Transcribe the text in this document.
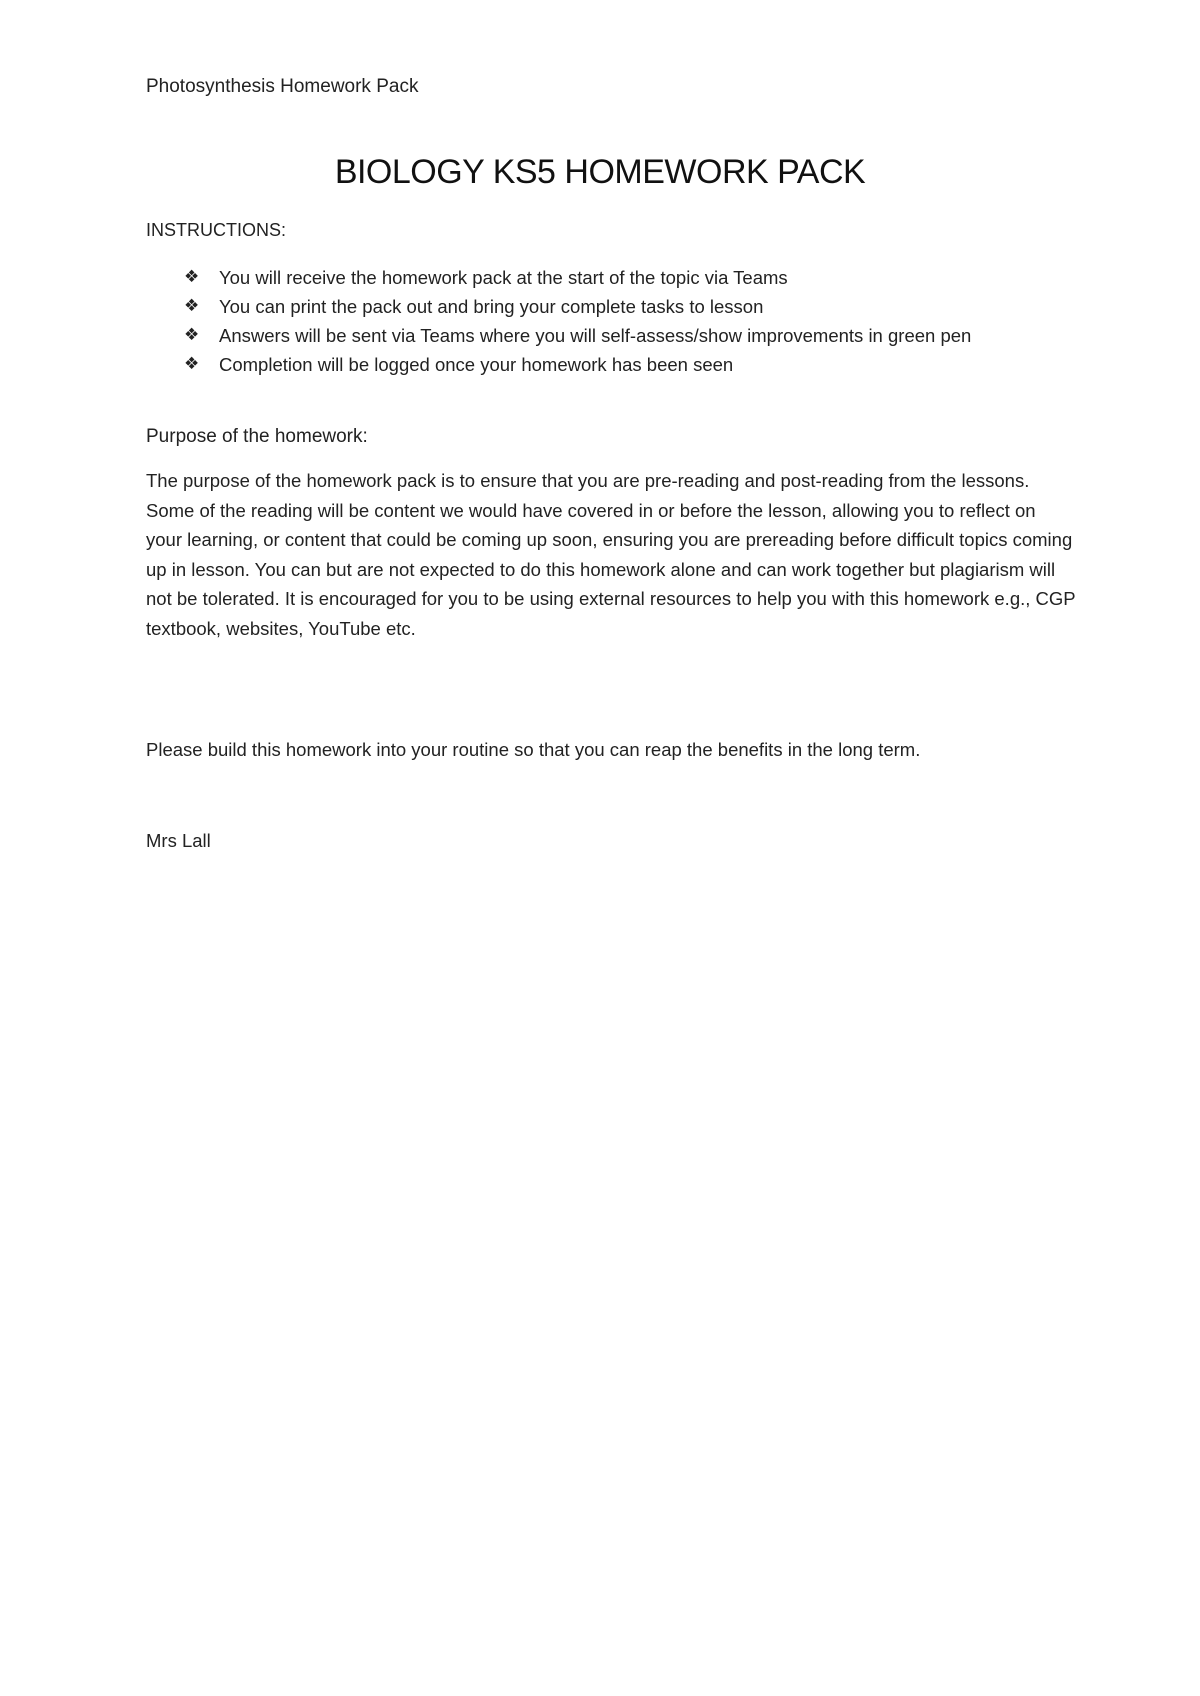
Photosynthesis Homework Pack
BIOLOGY KS5 HOMEWORK PACK
INSTRUCTIONS:
❖ You will receive the homework pack at the start of the topic via Teams
❖ You can print the pack out and bring your complete tasks to lesson
❖ Answers will be sent via Teams where you will self-assess/show improvements in green pen
❖ Completion will be logged once your homework has been seen
Purpose of the homework:
The purpose of the homework pack is to ensure that you are pre-reading and post-reading from the lessons. Some of the reading will be content we would have covered in or before the lesson, allowing you to reflect on your learning, or content that could be coming up soon, ensuring you are prereading before difficult topics coming up in lesson. You can but are not expected to do this homework alone and can work together but plagiarism will not be tolerated. It is encouraged for you to be using external resources to help you with this homework e.g., CGP textbook, websites, YouTube etc.
Please build this homework into your routine so that you can reap the benefits in the long term.
Mrs Lall
